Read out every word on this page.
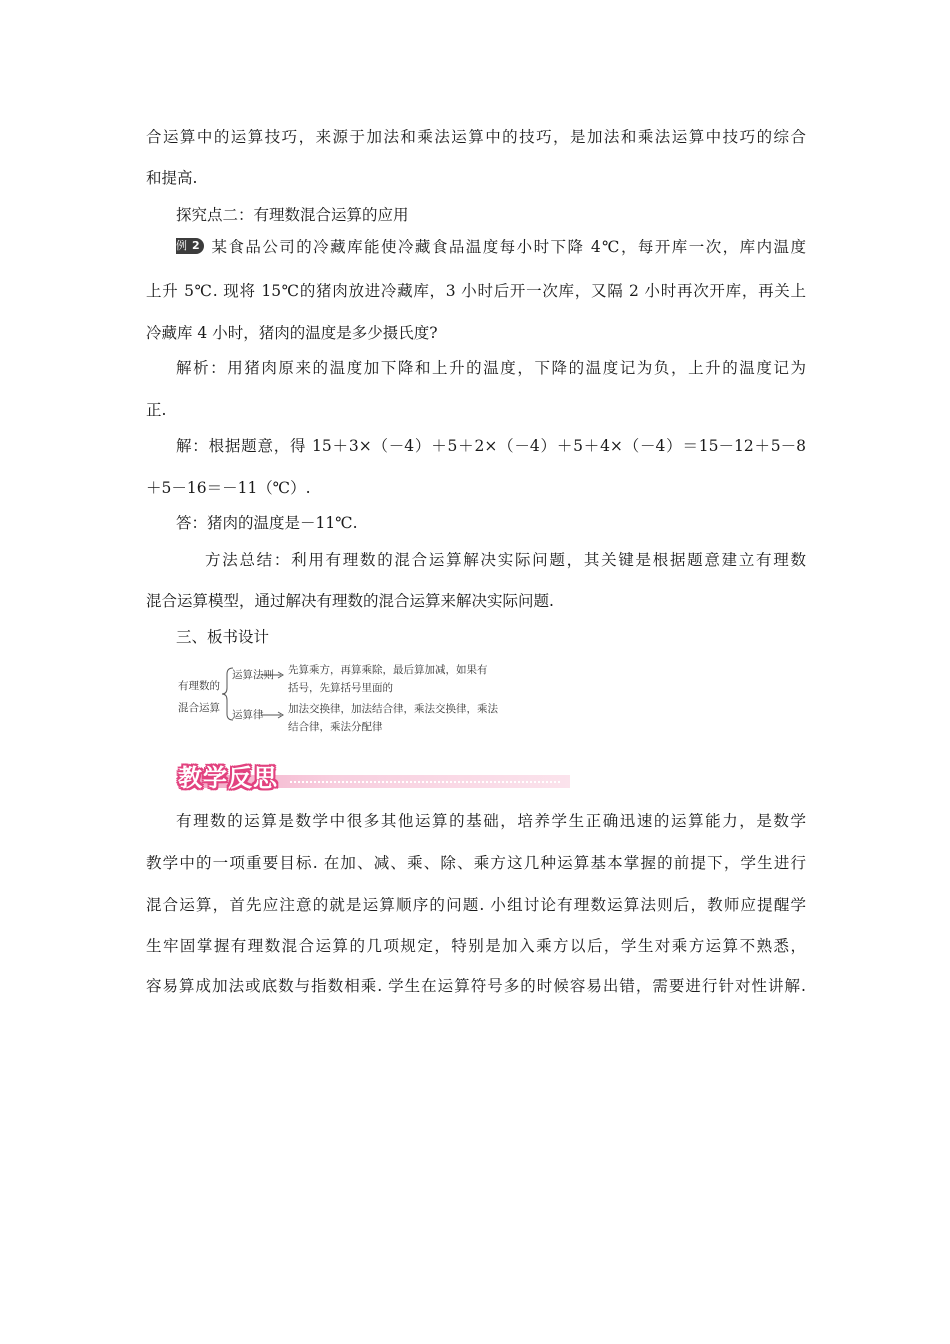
合运算中的运算技巧，来源于加法和乘法运算中的技巧，是加法和乘法运算中技巧的综合
和提高.
探究点二：有理数混合运算的应用
例 2 某食品公司的冷藏库能使冷藏食品温度每小时下降 4℃，每开库一次，库内温度
上升 5℃. 现将 15℃的猪肉放进冷藏库，3 小时后开一次库，又隔 2 小时再次开库，再关上
冷藏库 4 小时，猪肉的温度是多少摄氏度?
解析：用猪肉原来的温度加下降和上升的温度，下降的温度记为负，上升的温度记为
正.
解：根据题意，得 15＋3×（－4）＋5＋2×（－4）＋5＋4×（－4）＝15－12＋5－8
＋5－16＝－11（℃）.
答：猪肉的温度是－11℃.
方法总结：利用有理数的混合运算解决实际问题，其关键是根据题意建立有理数
混合运算模型，通过解决有理数的混合运算来解决实际问题.
三、板书设计
有理数的
混合运算
运算法则 先算乘方，再算乘除，最后算加减，如果有
括号，先算括号里面的
运算律 加法交换律，加法结合律，乘法交换律，乘法
结合律，乘法分配律
教学反思
有理数的运算是数学中很多其他运算的基础，培养学生正确迅速的运算能力，是数学
教学中的一项重要目标. 在加、减、乘、除、乘方这几种运算基本掌握的前提下，学生进行
混合运算，首先应注意的就是运算顺序的问题. 小组讨论有理数运算法则后，教师应提醒学
生牢固掌握有理数混合运算的几项规定，特别是加入乘方以后，学生对乘方运算不熟悉，
容易算成加法或底数与指数相乘. 学生在运算符号多的时候容易出错，需要进行针对性讲解.
